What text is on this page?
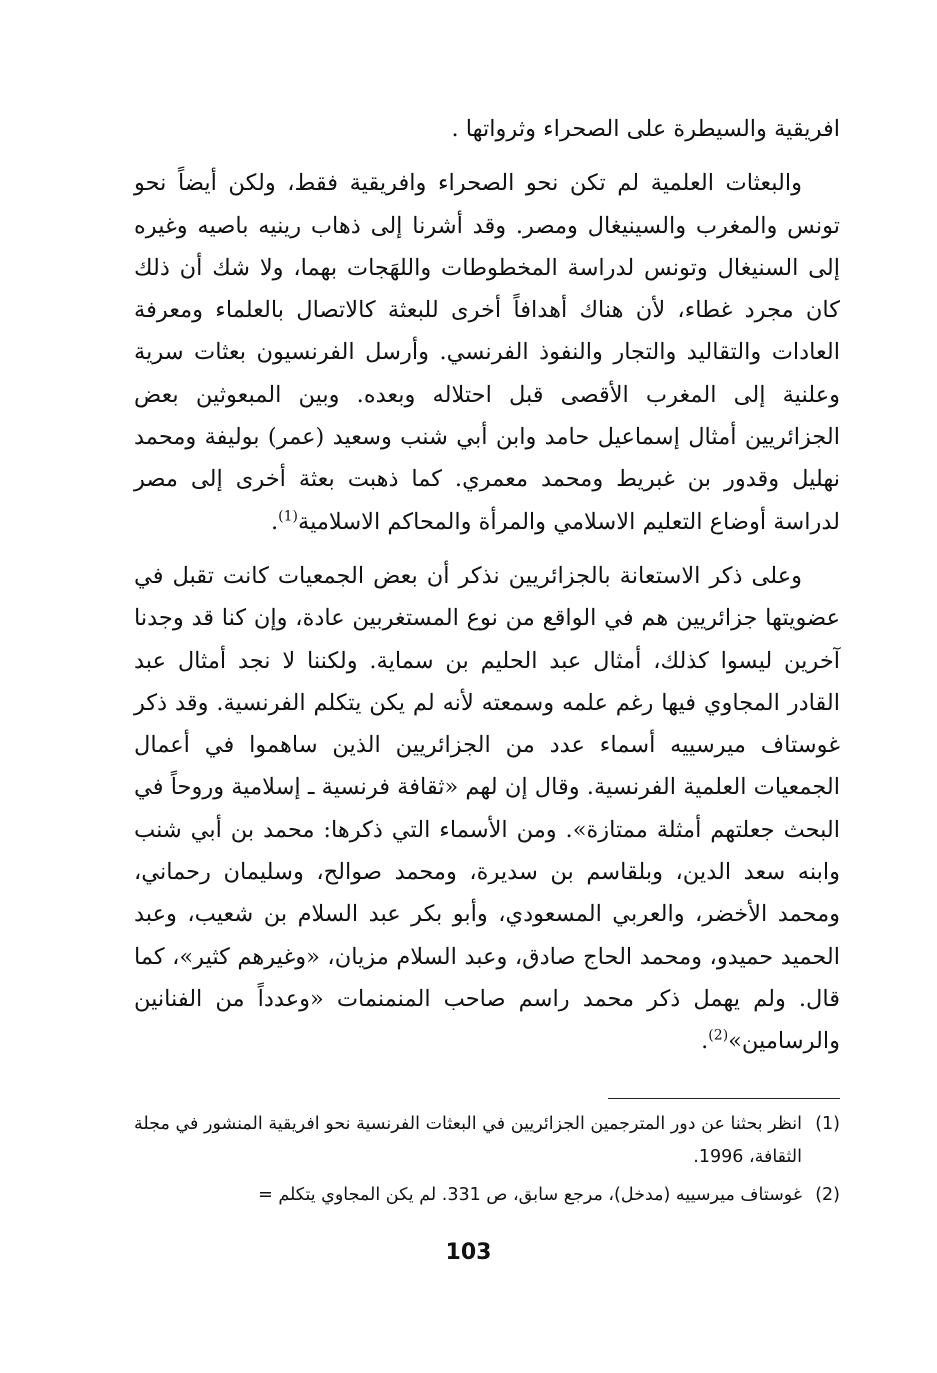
افريقية والسيطرة على الصحراء وثرواتها .

والبعثات العلمية لم تكن نحو الصحراء وافريقية فقط، ولكن أيضاً نحو تونس والمغرب والسينيغال ومصر. وقد أشرنا إلى ذهاب رينيه باصيه وغيره إلى السنيغال وتونس لدراسة المخطوطات واللهَجات بهما، ولا شك أن ذلك كان مجرد غطاء، لأن هناك أهدافاً أخرى للبعثة كالاتصال بالعلماء ومعرفة العادات والتقاليد والتجار والنفوذ الفرنسي. وأرسل الفرنسيون بعثات سرية وعلنية إلى المغرب الأقصى قبل احتلاله وبعده. وبين المبعوثين بعض الجزائريين أمثال إسماعيل حامد وابن أبي شنب وسعيد (عمر) بوليفة ومحمد نهليل وقدور بن غبريط ومحمد معمري. كما ذهبت بعثة أخرى إلى مصر لدراسة أوضاع التعليم الاسلامي والمرأة والمحاكم الاسلامية$^{(1)}$.

وعلى ذكر الاستعانة بالجزائريين نذكر أن بعض الجمعيات كانت تقبل في عضويتها جزائريين هم في الواقع من نوع المستغربين عادة، وإن كنا قد وجدنا آخرين ليسوا كذلك، أمثال عبد الحليم بن سماية. ولكننا لا نجد أمثال عبد القادر المجاوي فيها رغم علمه وسمعته لأنه لم يكن يتكلم الفرنسية. وقد ذكر غوستاف ميرسييه أسماء عدد من الجزائريين الذين ساهموا في أعمال الجمعيات العلمية الفرنسية. وقال إن لهم «ثقافة فرنسية ـ إسلامية وروحاً في البحث جعلتهم أمثلة ممتازة». ومن الأسماء التي ذكرها: محمد بن أبي شنب وابنه سعد الدين، وبلقاسم بن سديرة، ومحمد صوالح، وسليمان رحماني، ومحمد الأخضر، والعربي المسعودي، وأبو بكر عبد السلام بن شعيب، وعبد الحميد حميدو، ومحمد الحاج صادق، وعبد السلام مزيان، «وغيرهم كثير»، كما قال. ولم يهمل ذكر محمد راسم صاحب المنمنمات «وعدداً من الفنانين والرسامين»$^{(2)}$.

(1)
انظر بحثنا عن دور المترجمين الجزائريين في البعثات الفرنسية نحو افريقية المنشور في مجلة الثقافة، 1996.
(2)
غوستاف ميرسييه (مدخل)، مرجع سابق، ص 331. لم يكن المجاوي يتكلم =
103
